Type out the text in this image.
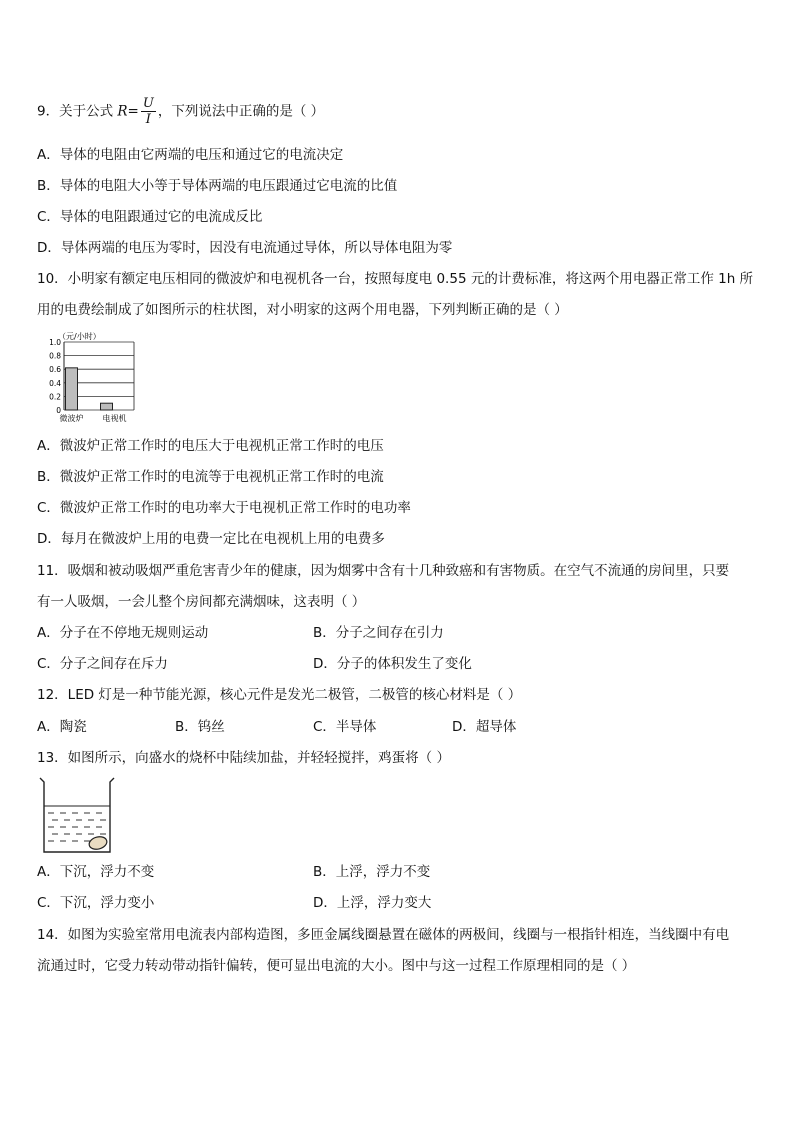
9．关于公式 $R= \frac{U}{I}$ ，下列说法中正确的是（ ）
A．导体的电阻由它两端的电压和通过它的电流决定
B．导体的电阻大小等于导体两端的电压跟通过它电流的比值
C．导体的电阻跟通过它的电流成反比
D．导体两端的电压为零时，因没有电流通过导体，所以导体电阻为零
10．小明家有额定电压相同的微波炉和电视机各一台，按照每度电 0.55 元的计费标准，将这两个用电器正常工作 1h 所
用的电费绘制成了如图所示的柱状图，对小明家的这两个用电器，下列判断正确的是（ ）
（元/小时）
0
0.2
0.4
0.6
0.8
1.0
微波炉 电视机
A．微波炉正常工作时的电压大于电视机正常工作时的电压
B．微波炉正常工作时的电流等于电视机正常工作时的电流
C．微波炉正常工作时的电功率大于电视机正常工作时的电功率
D．每月在微波炉上用的电费一定比在电视机上用的电费多
11．吸烟和被动吸烟严重危害青少年的健康，因为烟雾中含有十几种致癌和有害物质。在空气不流通的房间里，只要
有一人吸烟，一会儿整个房间都充满烟味，这表明（ ）
A．分子在不停地无规则运动	B．分子之间存在引力
C．分子之间存在斥力	D．分子的体积发生了变化
12．LED 灯是一种节能光源，核心元件是发光二极管，二极管的核心材料是（ ）
A．陶瓷	B．钨丝	C．半导体	D．超导体
13．如图所示，向盛水的烧杯中陆续加盐，并轻轻搅拌，鸡蛋将（ ）
A．下沉，浮力不变	B．上浮，浮力不变
C．下沉，浮力变小	D．上浮，浮力变大
14．如图为实验室常用电流表内部构造图，多匝金属线圈悬置在磁体的两极间，线圈与一根指针相连，当线圈中有电
流通过时，它受力转动带动指针偏转，便可显出电流的大小。图中与这一过程工作原理相同的是（ ）
